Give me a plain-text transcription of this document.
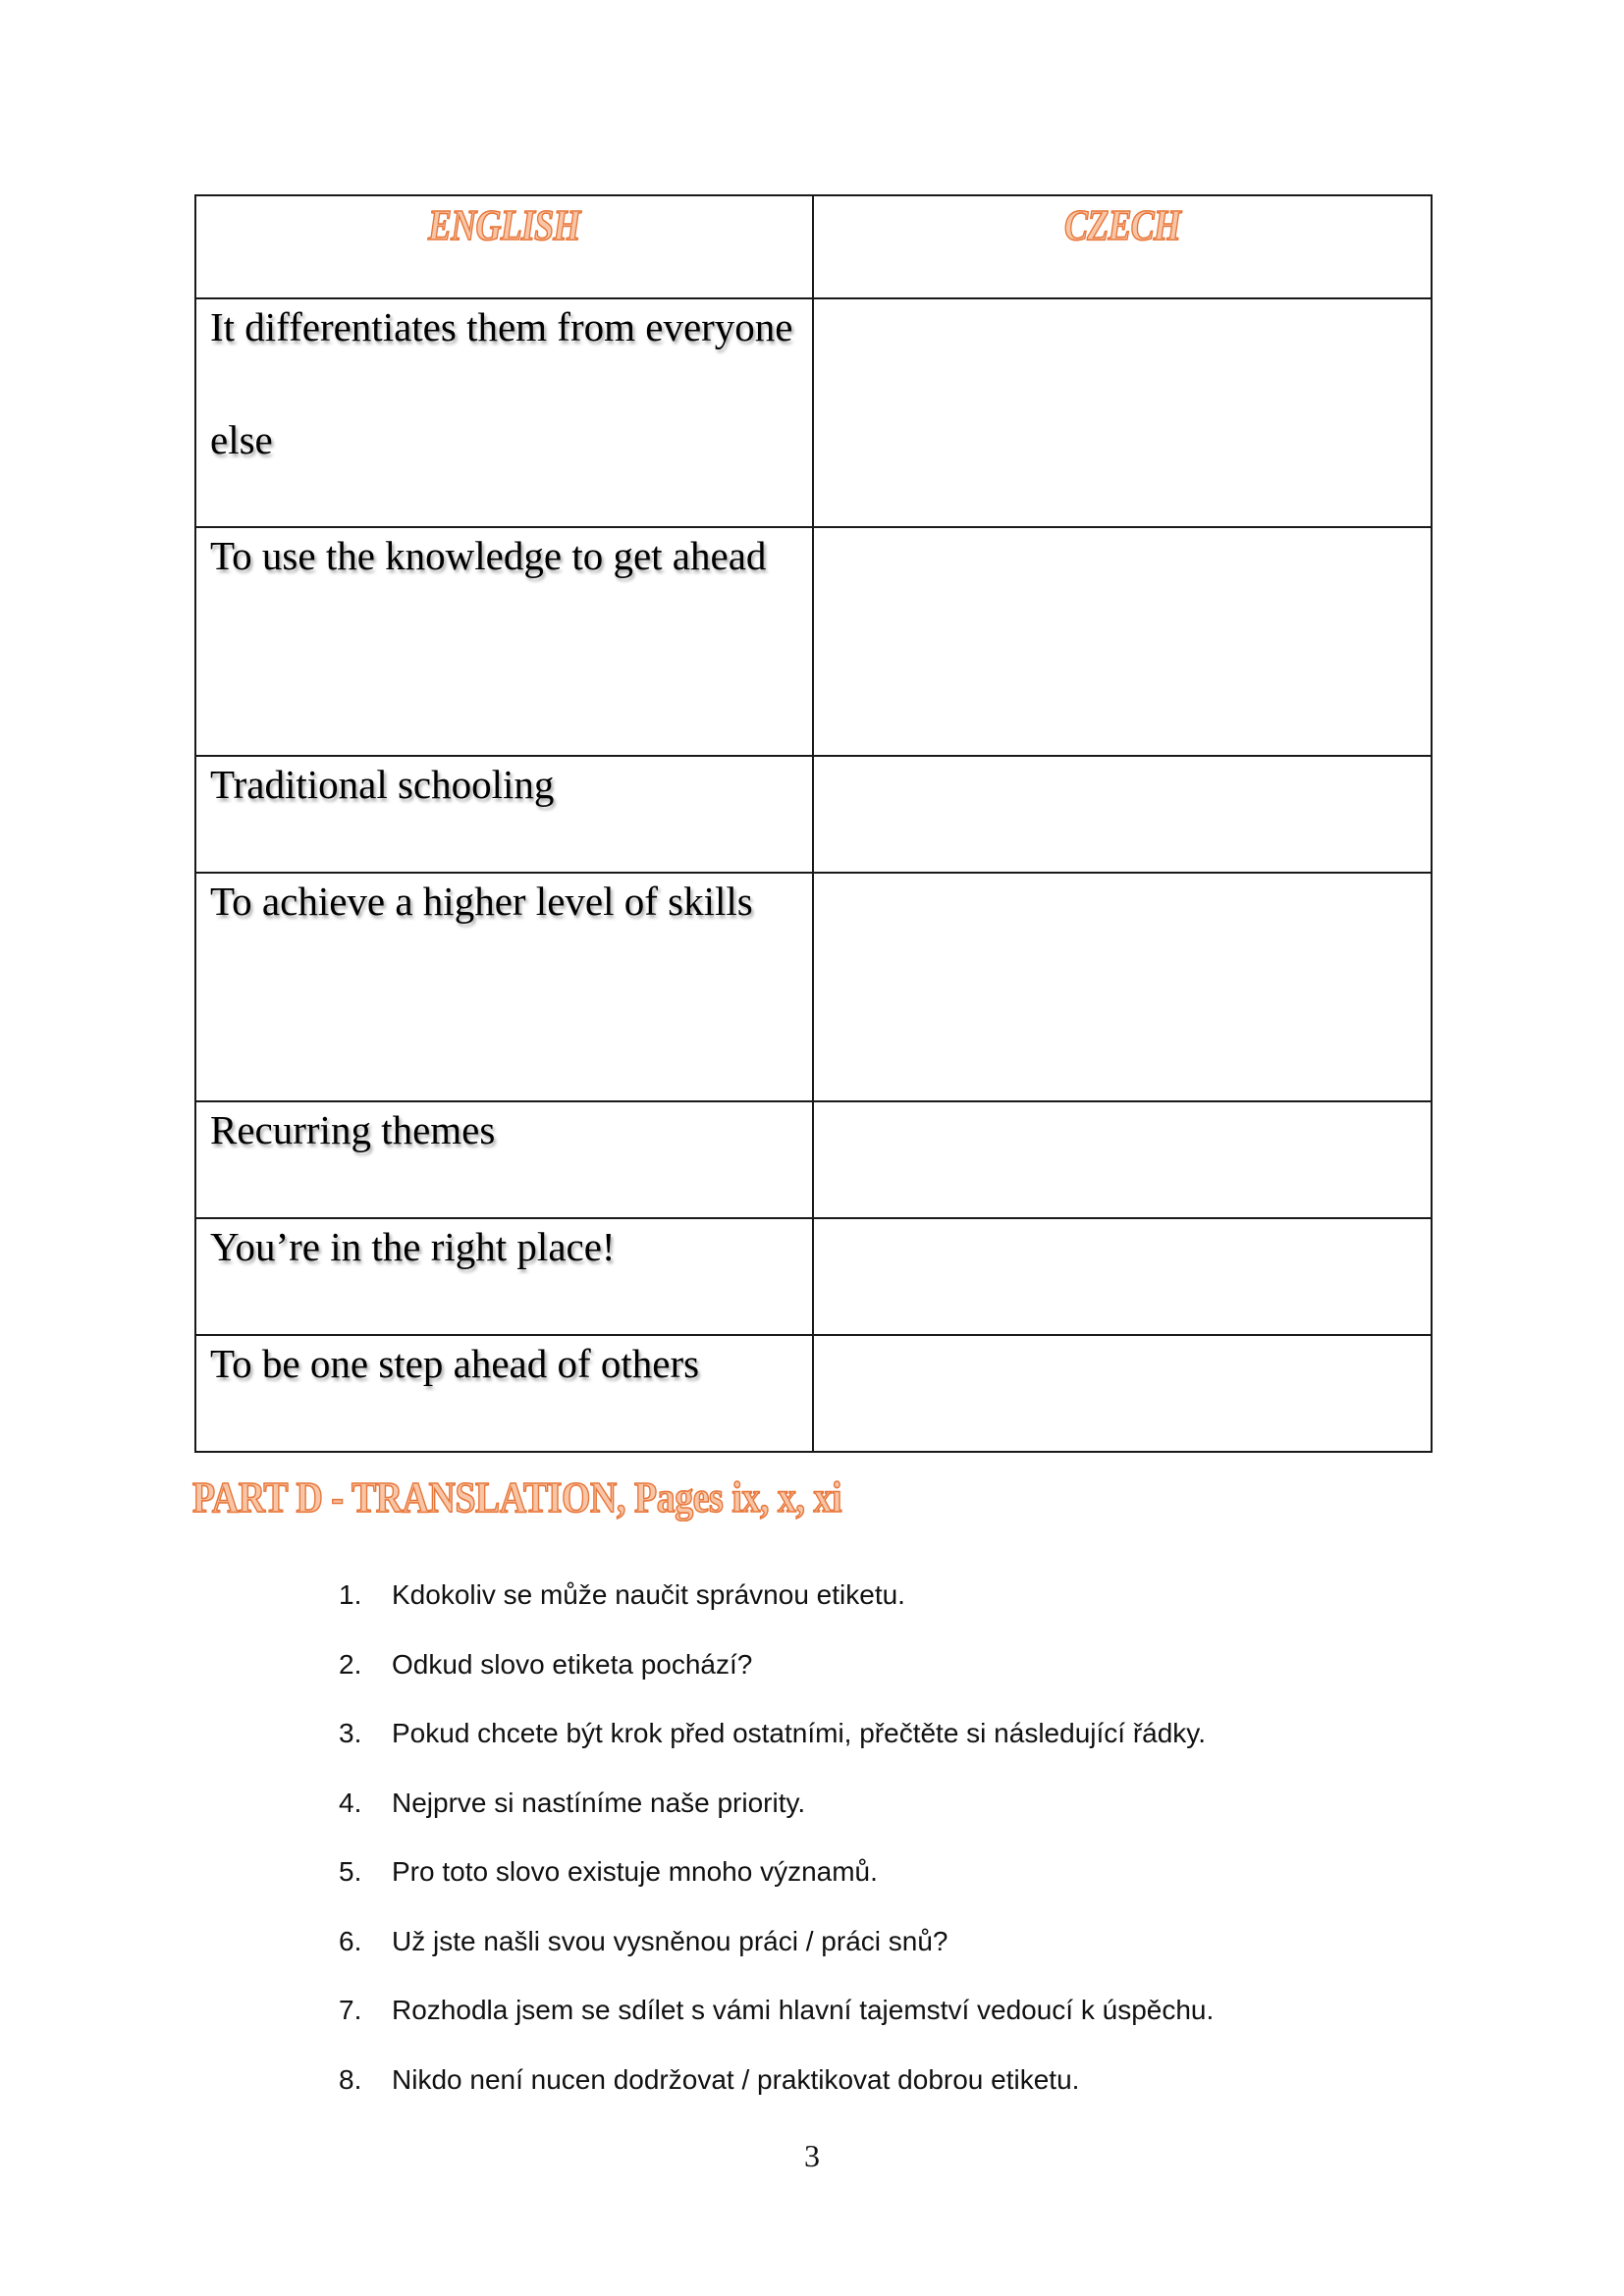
ENGLISH	CZECH

It differentiates them from everyone else	

To use the knowledge to get ahead	

Traditional schooling	

To achieve a higher level of skills	

Recurring themes	

You’re in the right place!	

To be one step ahead of others	

PART D - TRANSLATION, Pages ix, x, xi
1.	Kdokoliv se může naučit správnou etiketu.
2.	Odkud slovo etiketa pochází?
3.	Pokud chcete být krok před ostatními, přečtěte si následující řádky.
4.	Nejprve si nastíníme naše priority.
5.	Pro toto slovo existuje mnoho významů.
6.	Už jste našli svou vysněnou práci / práci snů?
7.	Rozhodla jsem se sdílet s vámi hlavní tajemství vedoucí k úspěchu.
8.	Nikdo není nucen dodržovat / praktikovat dobrou etiketu.
3
